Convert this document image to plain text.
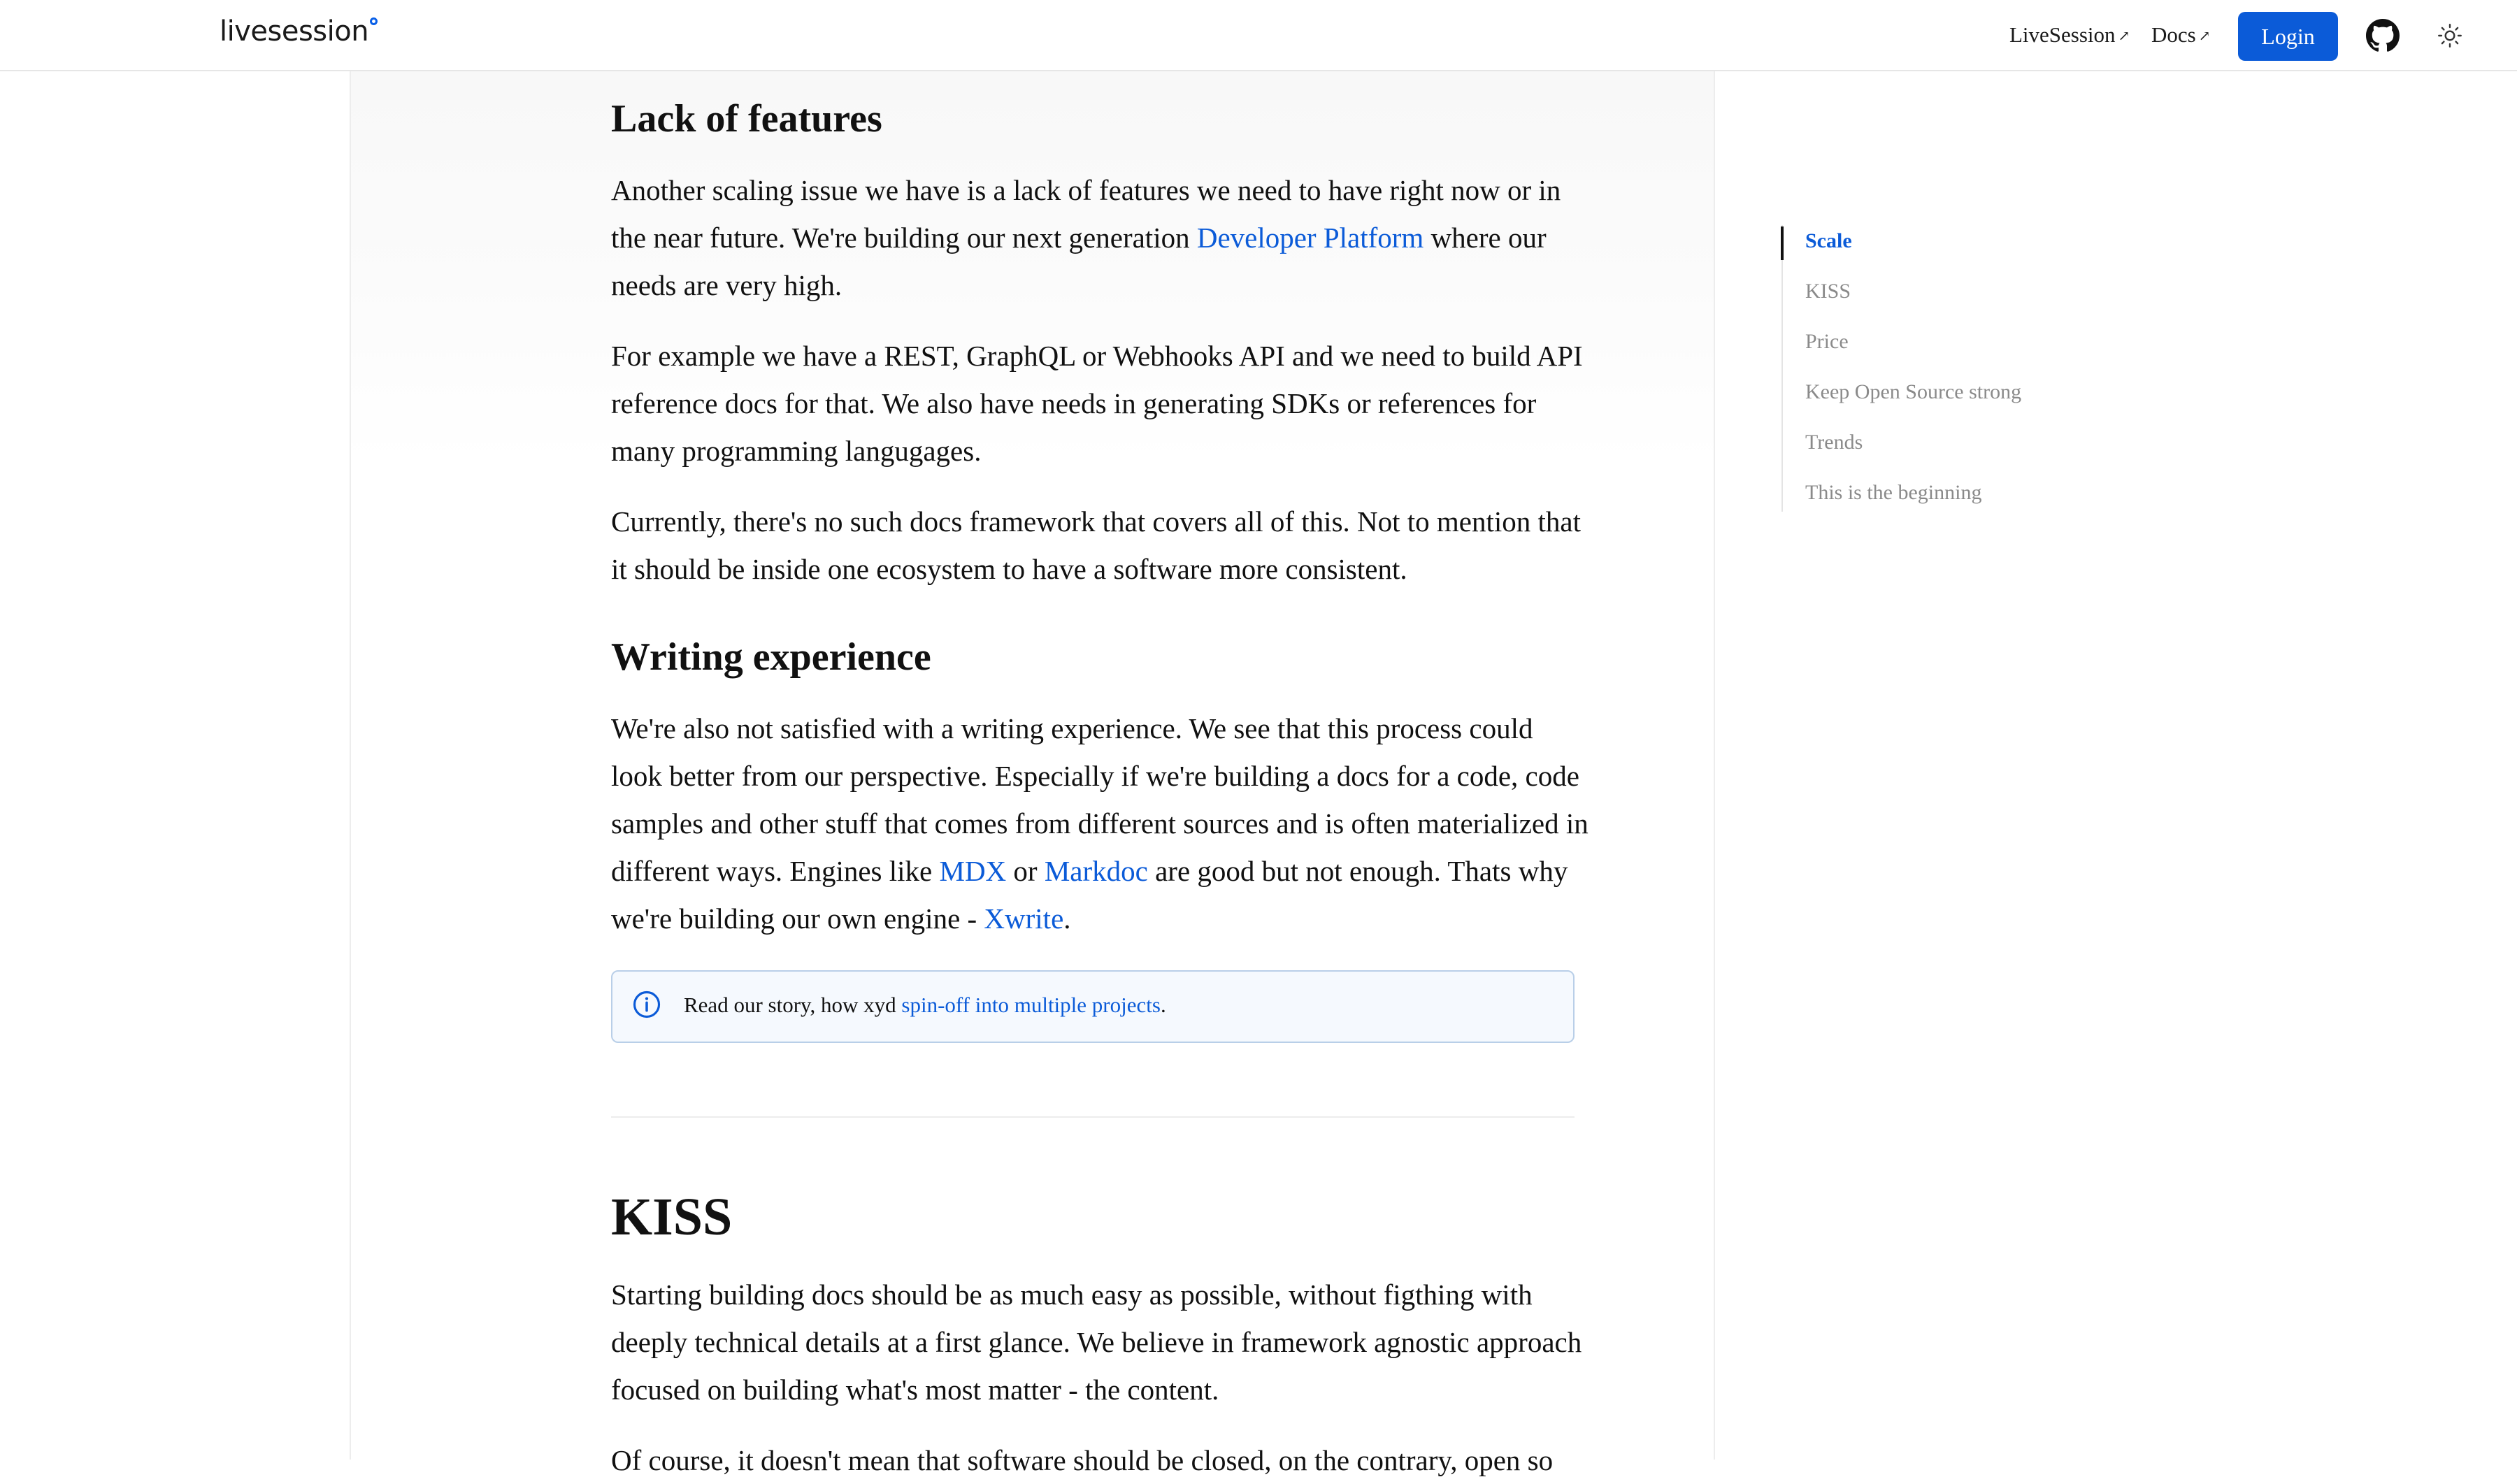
livesession	LiveSession ↗ Docs ↗	Login
Lack of features

Another scaling issue we have is a lack of features we need to have right now or in the near future. We're building our next generation Developer Platform where our needs are very high.

For example we have a REST, GraphQL or Webhooks API and we need to build API reference docs for that. We also have needs in generating SDKs or references for many programming langugages.

Currently, there's no such docs framework that covers all of this. Not to mention that it should be inside one ecosystem to have a software more consistent.

Writing experience

We're also not satisfied with a writing experience. We see that this process could look better from our perspective. Especially if we're building a docs for a code, code samples and other stuff that comes from different sources and is often materialized in different ways. Engines like MDX or Markdoc are good but not enough. Thats why we're building our own engine - Xwrite.

Read our story, how xyd spin-off into multiple projects.
KISS

Starting building docs should be as much easy as possible, without figthing with deeply technical details at a first glance. We believe in framework agnostic approach focused on building what's most matter - the content.

Of course, it doesn't mean that software should be closed, on the contrary, open so

Scale
KISS
Price
Keep Open Source strong
Trends
This is the beginning
